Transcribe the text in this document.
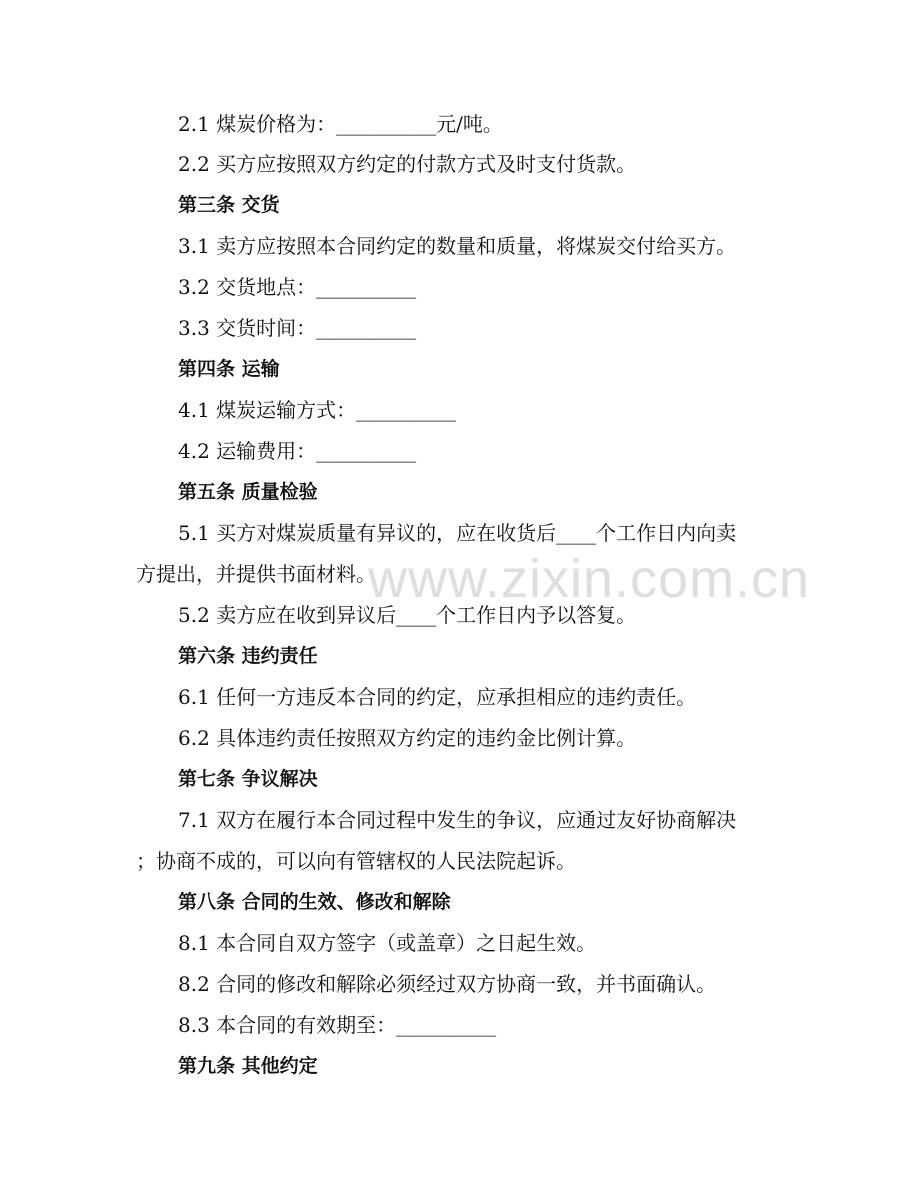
2.1 煤炭价格为：__________元/吨。
2.2 买方应按照双方约定的付款方式及时支付货款。
第三条 交货
3.1 卖方应按照本合同约定的数量和质量，将煤炭交付给买方。
3.2 交货地点：__________
3.3 交货时间：__________
第四条 运输
4.1 煤炭运输方式：__________
4.2 运输费用：__________
第五条 质量检验
5.1 买方对煤炭质量有异议的，应在收货后____个工作日内向卖
方提出，并提供书面材料。
5.2 卖方应在收到异议后____个工作日内予以答复。
第六条 违约责任
6.1 任何一方违反本合同的约定，应承担相应的违约责任。
6.2 具体违约责任按照双方约定的违约金比例计算。
第七条 争议解决
7.1 双方在履行本合同过程中发生的争议，应通过友好协商解决
；协商不成的，可以向有管辖权的人民法院起诉。
第八条 合同的生效、修改和解除
8.1 本合同自双方签字（或盖章）之日起生效。
8.2 合同的修改和解除必须经过双方协商一致，并书面确认。
8.3 本合同的有效期至：__________
第九条 其他约定
www.zixin.com.cn
